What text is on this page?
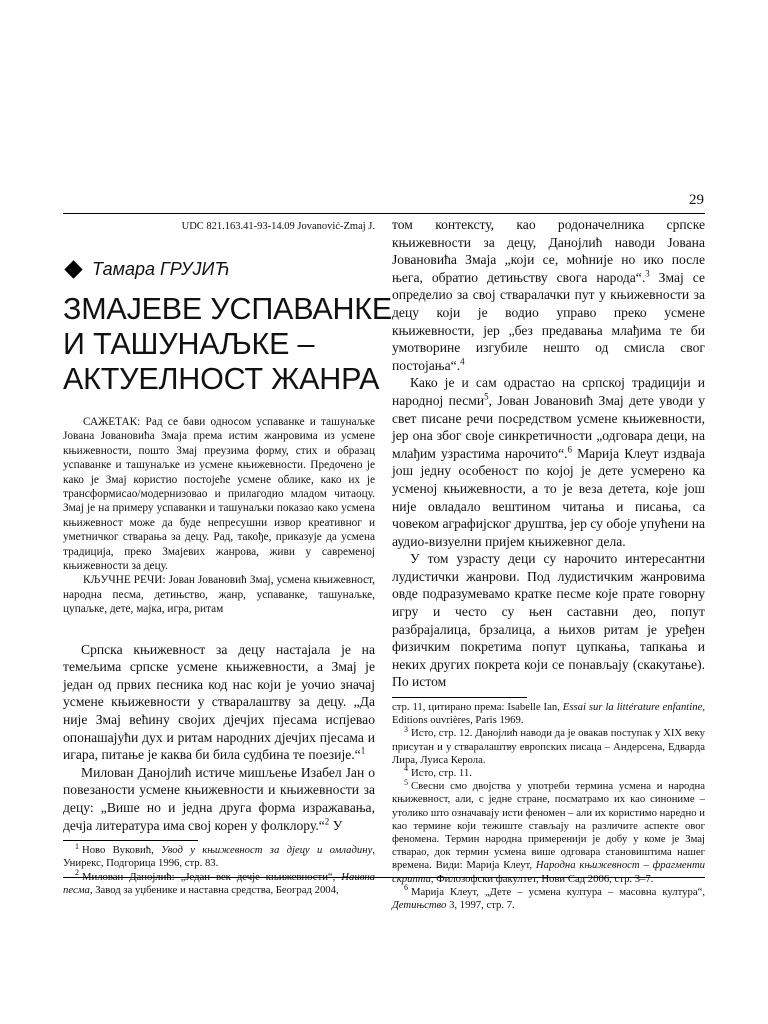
29
UDC 821.163.41-93-14.09 Jovanović-Zmaj J.
Тамара ГРУЈИЋ
ЗМАЈЕВЕ УСПАВАНКЕ
И ТАШУНАЉКЕ –
АКТУЕЛНОСТ ЖАНРА

САЖЕТАК: Рад се бави односом успаванке и ташунаљке Јована Јовановића Змаја према истим жанровима из усмене књижевности, пошто Змај преузима форму, стих и образац успаванке и ташунаљке из усмене књижевности. Предочено је како је Змај користио постојеће усмене облике, како их је трансформисао/модернизовао и прилагодио младом читаоцу. Змај је на примеру успаванки и ташунаљки показао како усмена књижевност може да буде непресушни извор креативног и уметничког стварања за децу. Рад, такође, приказује да усмена традиција, преко Змајевих жанрова, живи у савременој књижевности за децу.

КЉУЧНЕ РЕЧИ: Јован Јовановић Змај, усмена књижевност, народна песма, детињство, жанр, успаванке, ташунаљке, цупаљке, дете, мајка, игра, ритам

Српска књижевност за децу настајала је на темељима српске усмене књижевности, а Змај је један од првих песника код нас који је уочио значај усмене књижевности у стваралаштву за децу. „Да није Змај већину својих дјечјих пјесама испјевао опонашајући дух и ритам народних дјечјих пјесама и игара, питање је каква би била судбина те поезије.“$^1$

Милован Данојлић истиче мишљење Изабел Јан о повезаности усмене књижевности и књижевности за децу: „Више но и једна друга форма изражавања, дечја литература има свој корен у фолклору.“$^2$ У

$^1$ Ново Вуковић, Увод у књижевност за дјецу и омладину, Унирекс, Подгорица 1996, стр. 83.

$^2$ Милован Данојлић: „Један век дечје књижевности“, Наивна песма, Завод за уџбенике и наставна средства, Београд 2004,

том контексту, као родоначелника српске књижевности за децу, Данојлић наводи Јована Јовановића Змаја „који се, моћније но ико после њега, обратио детињству свога народа“.$^3$ Змај се определио за свој стваралачки пут у књижевности за децу који је водио управо преко усмене књижевности, јер „без предавања млађима те би умотворине изгубиле нешто од смисла свог постојања“.$^4$

Како је и сам одрастао на српској традицији и народној песми$^5$, Јован Јовановић Змај дете уводи у свет писане речи посредством усмене књижевности, јер она због своје синкретичности „одговара деци, на млађим узрастима нарочито“.$^6$ Марија Клеут издваја још једну особеност по којој је дете усмерено ка усменој књижевности, а то је веза детета, које још није овладало вештином читања и писања, са човеком аграфијског друштва, јер су обоје упућени на аудио-визуелни пријем књижевног дела.

У том узрасту деци су нарочито интересантни лудистички жанрови. Под лудистичким жанровима овде подразумевамо кратке песме које прате говорну игру и често су њен саставни део, попут разбрајалица, брзалица, а њихов ритам је уређен физичким покретима попут цупкања, тапкања и неких других покрета који се понављају (скакутање). По истом

стр. 11, цитирано према: Isabelle Ian, Essai sur la littérature enfantine, Editions ouvrières, Paris 1969.

$^3$ Исто, стр. 12. Данојлић наводи да је овакав поступак у XIX веку присутан и у стваралаштву европских писаца – Андерсена, Едварда Лира, Луиса Керола.

$^4$ Исто, стр. 11.

$^5$ Свесни смо двојства у употреби термина усмена и народна књижевност, али, с једне стране, посматрамо их као синониме – утолико што означавају исти феномен – али их користимо наредно и као термине који тежиште стављају на различите аспекте овог феномена. Термин народна примеренији је добу у коме је Змај стварао, док термин усмена више одговара становиштима нашег времена. Види: Марија Клеут, Народна књижевност – фрагменти скрипти, Филозофски факултет, Нови Сад 2006, стр. 3–7.

$^6$ Марија Клеут, „Дете – усмена култура – масовна култура“, Детињство 3, 1997, стр. 7.
